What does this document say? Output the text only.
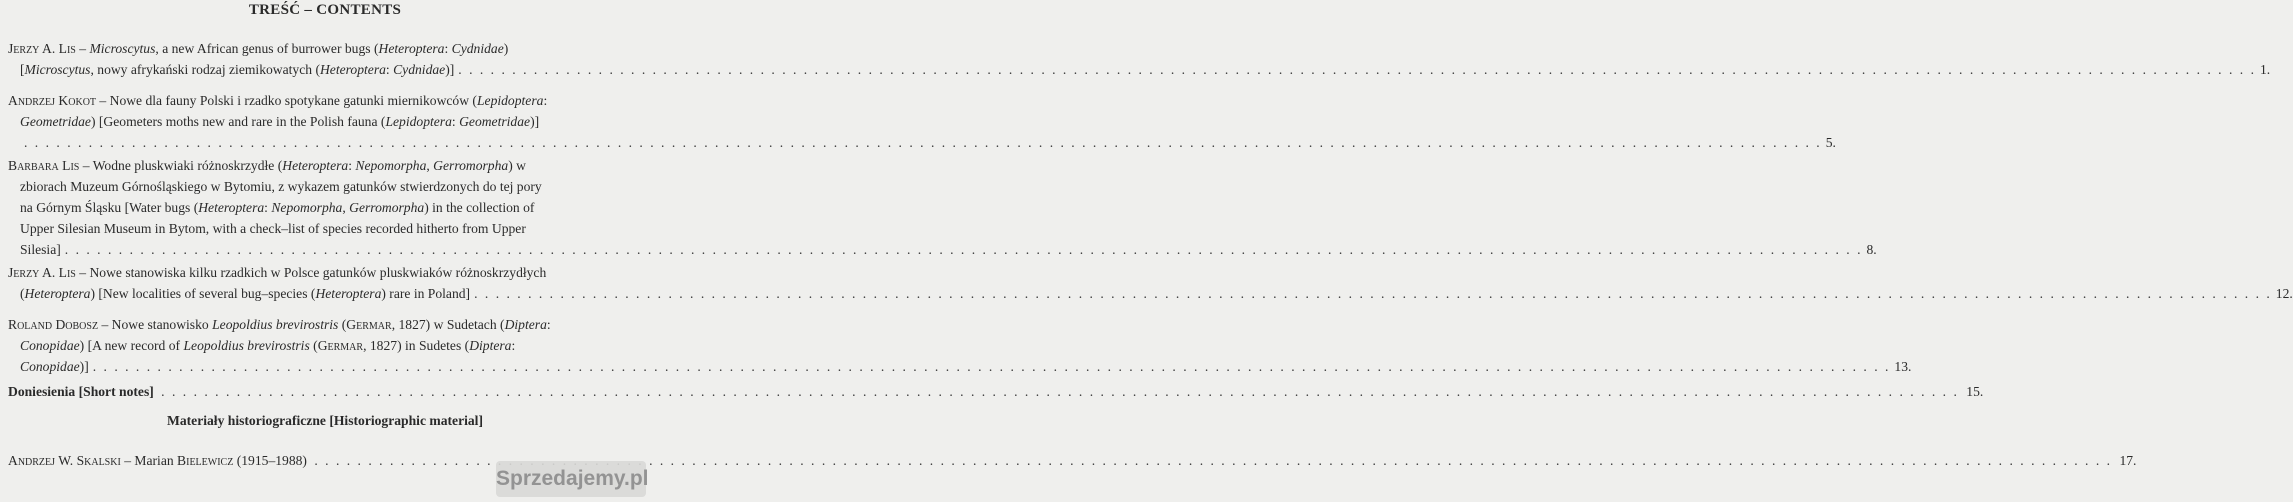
TREŚĆ – CONTENTS
Jerzy A. Lis – Microscytus, a new African genus of burrower bugs (Heteroptera: Cydnidae)
[Microscytus, nowy afrykański rodzaj ziemikowatych (Heteroptera: Cydnidae)] . . .	1.
Andrzej Kokot – Nowe dla fauny Polski i rzadko spotykane gatunki miernikowców (Lepidoptera:
Geometridae) [Geometers moths new and rare in the Polish fauna (Lepidoptera: Geometridae)]
. . .5.
Barbara Lis – Wodne pluskwiaki różnoskrzydłe (Heteroptera: Nepomorpha, Gerromorpha) w
zbiorach Muzeum Górnośląskiego w Bytomiu, z wykazem gatunków stwierdzonych do tej pory
na Górnym Śląsku [Water bugs (Heteroptera: Nepomorpha, Gerromorpha) in the collection of
Upper Silesian Museum in Bytom, with a check–list of species recorded hitherto from Upper
Silesia] . . .	8.
Jerzy A. Lis – Nowe stanowiska kilku rzadkich w Polsce gatunków pluskwiaków różnoskrzydłych
(Heteroptera) [New localities of several bug–species (Heteroptera) rare in Poland] . . .	12.
Roland Dobosz – Nowe stanowisko Leopoldius brevirostris (Germar, 1827) w Sudetach (Diptera:
Conopidae) [A new record of Leopoldius brevirostris (Germar, 1827) in Sudetes (Diptera:
Conopidae)] . . .	13.
Doniesienia [Short notes] . . .	15.
Materiały historiograficzne [Historiographic material]
Andrzej W. Skalski – Marian Bielewicz (1915–1988) . . .	17.
Sprzedajemy.pl
